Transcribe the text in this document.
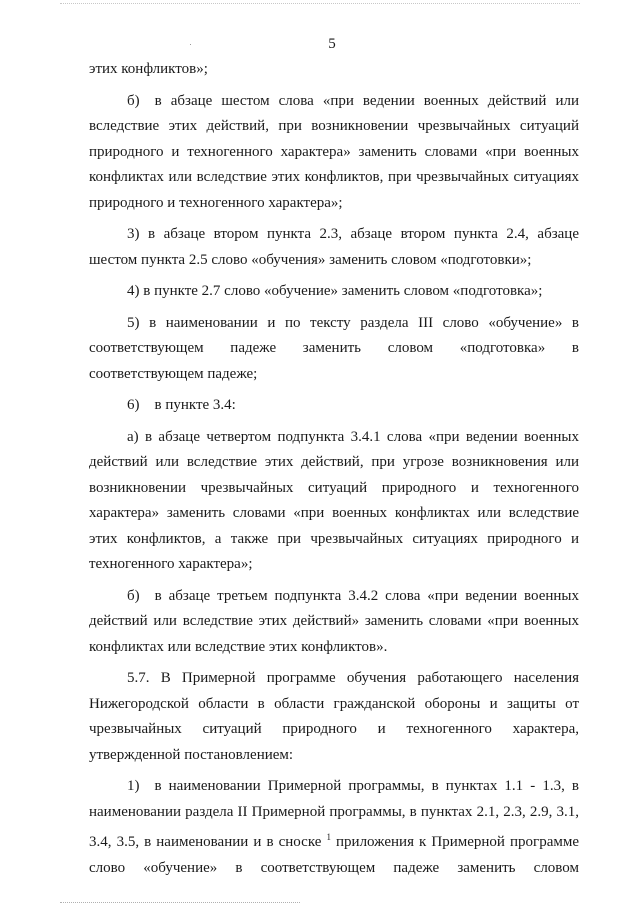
5

этих конфликтов»;

б) в абзаце шестом слова «при ведении военных действий или вследствие этих действий, при возникновении чрезвычайных ситуаций природного и техногенного характера» заменить словами «при военных конфликтах или вследствие этих конфликтов, при чрезвычайных ситуациях природного и техногенного характера»;

3) в абзаце втором пункта 2.3, абзаце втором пункта 2.4, абзаце шестом пункта 2.5 слово «обучения» заменить словом «подготовки»;

4) в пункте 2.7 слово «обучение» заменить словом «подготовка»;

5) в наименовании и по тексту раздела III слово «обучение» в соответствующем падеже заменить словом «подготовка» в соответствующем падеже;

6) в пункте 3.4:

а) в абзаце четвертом подпункта 3.4.1 слова «при ведении военных действий или вследствие этих действий, при угрозе возникновения или возникновении чрезвычайных ситуаций природного и техногенного характера» заменить словами «при военных конфликтах или вследствие этих конфликтов, а также при чрезвычайных ситуациях природного и техногенного характера»;

б) в абзаце третьем подпункта 3.4.2 слова «при ведении военных действий или вследствие этих действий» заменить словами «при военных конфликтах или вследствие этих конфликтов».

5.7. В Примерной программе обучения работающего населения Нижегородской области в области гражданской обороны и защиты от чрезвычайных ситуаций природного и техногенного характера, утвержденной постановлением:

1) в наименовании Примерной программы, в пунктах 1.1 - 1.3, в наименовании раздела II Примерной программы, в пунктах 2.1, 2.3, 2.9, 3.1, 3.4, 3.5, в наименовании и в сноске $^1$ приложения к Примерной программе слово «обучение» в соответствующем падеже заменить словом
